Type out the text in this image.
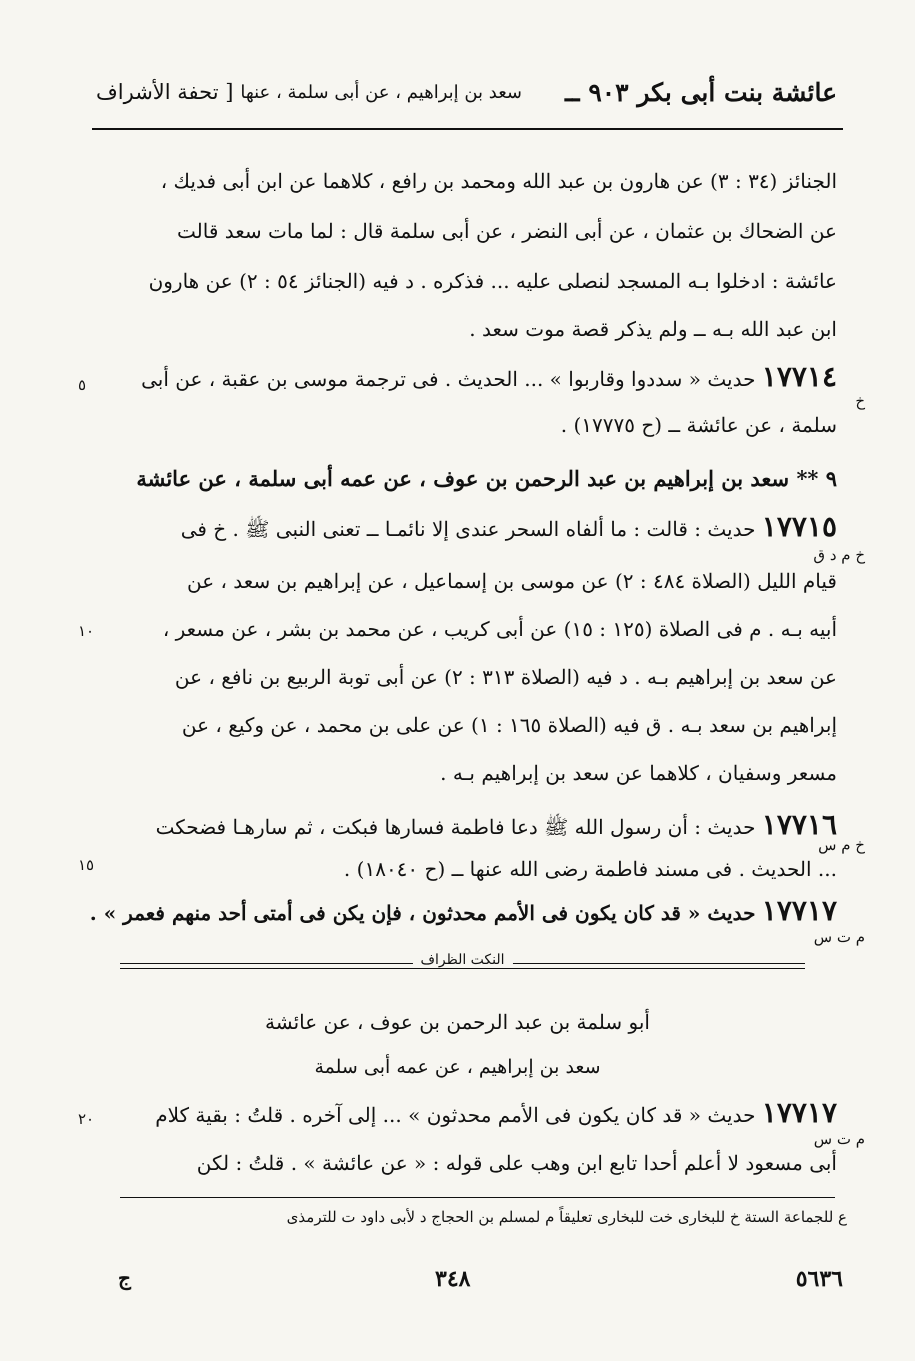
عائشة بنت أبى بكر ٩٠٣ ــ
سعد بن إبراهيم ، عن أبى سلمة ، عنها
[ تحفة الأشراف
الجنائز (٣٤ : ٣) عن هارون بن عبد الله ومحمد بن رافع ، كلاهما عن ابن أبى فديك ،
عن الضحاك بن عثمان ، عن أبى النضر ، عن أبى سلمة قال : لما مات سعد قالت
عائشة : ادخلوا بـه المسجد لنصلى عليه ... فذكره . د فيه (الجنائز ٥٤ : ٢) عن هارون
ابن عبد الله بـه ــ ولم يذكر قصة موت سعد .
١٧٧١٤ حديث « سددوا وقاربوا » ... الحديث . فى ترجمة موسى بن عقبة ، عن أبى
خ
٥
سلمة ، عن عائشة ــ (ح ١٧٧٧٥) .
٩ ** سعد بن إبراهيم بن عبد الرحمن بن عوف ، عن عمه أبى سلمة ، عن عائشة
١٧٧١٥ حديث : قالت : ما ألفاه السحر عندى إلا نائمـا ــ تعنى النبى ﷺ . خ فى
خ م د ق
قيام الليل (الصلاة ٤٨٤ : ٢) عن موسى بن إسماعيل ، عن إبراهيم بن سعد ، عن
أبيه بـه . م فى الصلاة (١٢٥ : ١٥) عن أبى كريب ، عن محمد بن بشر ، عن مسعر ،
١٠
عن سعد بن إبراهيم بـه . د فيه (الصلاة ٣١٣ : ٢) عن أبى توبة الربيع بن نافع ، عن
إبراهيم بن سعد بـه . ق فيه (الصلاة ١٦٥ : ١) عن على بن محمد ، عن وكيع ، عن
مسعر وسفيان ، كلاهما عن سعد بن إبراهيم بـه .
١٧٧١٦ حديث : أن رسول الله ﷺ دعا فاطمة فسارها فبكت ، ثم سارهـا فضحكت
خ م س
... الحديث . فى مسند فاطمة رضى الله عنها ــ (ح ١٨٠٤٠) .
١٥
١٧٧١٧ حديث « قد كان يكون فى الأمم محدثون ، فإن يكن فى أمتى أحد منهم فعمر » .
م ت س
النكت الظراف
أبو سلمة بن عبد الرحمن بن عوف ، عن عائشة
سعد بن إبراهيم ، عن عمه أبى سلمة
١٧٧١٧ حديث « قد كان يكون فى الأمم محدثون » ... إلى آخره . قلتُ : بقية كلام
٢٠
م ت س
أبى مسعود لا أعلم أحدا تابع ابن وهب على قوله : « عن عائشة » . قلتُ : لكن
ع للجماعة الستة خ للبخارى خت للبخارى تعليقاً م لمسلم بن الحجاج د لأبى داود ت للترمذى
٥٦٣٦
٣٤٨
ج
